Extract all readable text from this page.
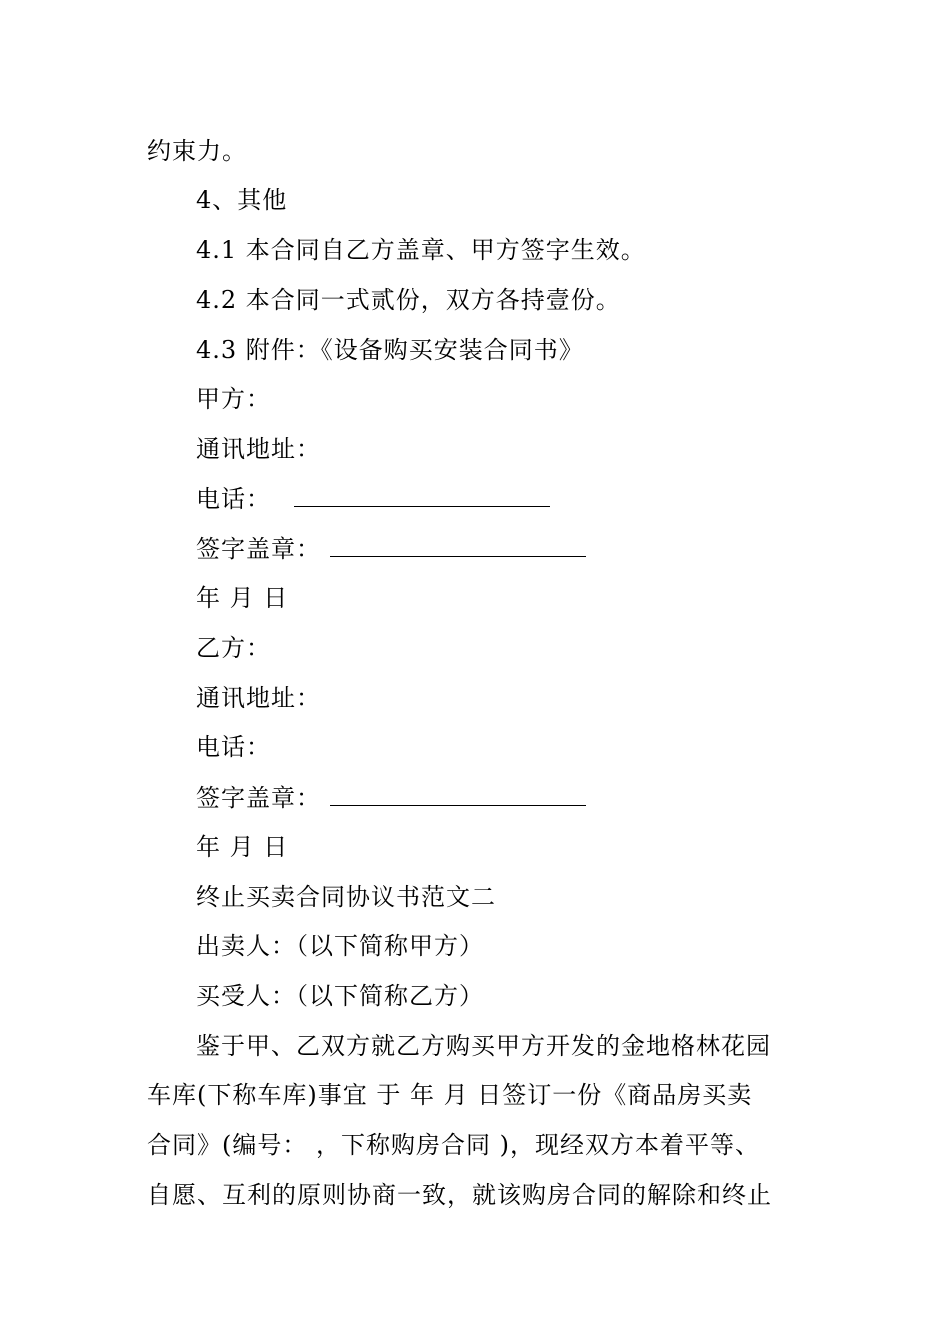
约束力。
4、其他
4.1 本合同自乙方盖章、甲方签字生效。
4.2 本合同一式贰份，双方各持壹份。
4.3 附件：《设备购买安装合同书》
甲方：
通讯地址：
电话：
签字盖章：
年 月 日
乙方：
通讯地址：
电话：
签字盖章：
年 月 日
终止买卖合同协议书范文二
出卖人：（以下简称甲方）
买受人：（以下简称乙方）
鉴于甲、乙双方就乙方购买甲方开发的金地格林花园
车库(下称车库)事宜 于 年 月 日签订一份《商品房买卖
合同》(编号： ，下称购房合同 )，现经双方本着平等、
自愿、互利的原则协商一致，就该购房合同的解除和终止
